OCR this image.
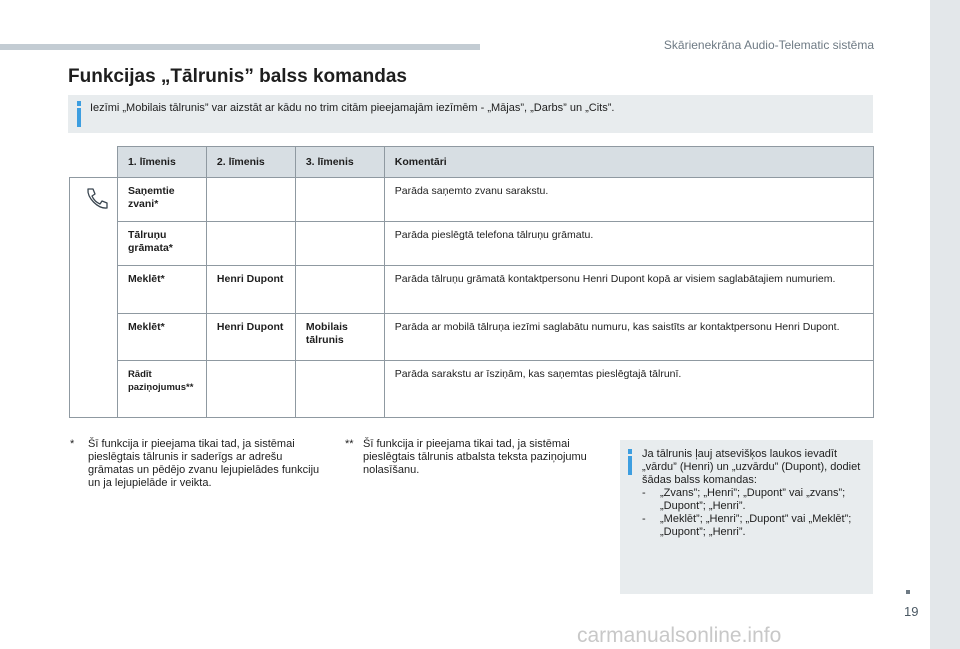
Skārienekrāna Audio-Telematic sistēma
Funkcijas „Tālrunis” balss komandas
Iezīmi „Mobilais tālrunis” var aizstāt ar kādu no trim citām pieejamajām iezīmēm - „Mājas”, „Darbs” un „Cits”.
	1. līmenis	2. līmenis	3. līmenis	Komentāri

	Saņemtie zvani*			Parāda saņemto zvanu sarakstu.
	Tālruņu grāmata*			Parāda pieslēgtā telefona tālruņu grāmatu.
	Meklēt*	Henri Dupont		Parāda tālruņu grāmatā kontaktpersonu Henri Dupont kopā ar visiem saglabātajiem numuriem.
	Meklēt*	Henri Dupont	Mobilais tālrunis	Parāda ar mobilā tālruņa iezīmi saglabātu numuru, kas saistīts ar kontaktpersonu Henri Dupont.
	Rādīt paziņojumus**			Parāda sarakstu ar īsziņām, kas saņemtas pieslēgtajā tālrunī.
* Šī funkcija ir pieejama tikai tad, ja sistēmai pieslēgtais tālrunis ir saderīgs ar adrešu grāmatas un pēdējo zvanu lejupielādes funkciju un ja lejupielāde ir veikta.
** Šī funkcija ir pieejama tikai tad, ja sistēmai pieslēgtais tālrunis atbalsta teksta paziņojumu nolasīšanu.
Ja tālrunis ļauj atsevišķos laukos ievadīt „vārdu” (Henri) un „uzvārdu” (Dupont), dodiet šādas balss komandas:
- „Zvans”; „Henri”; „Dupont” vai „zvans”; „Dupont”; „Henri”.
- „Meklēt”; „Henri”; „Dupont” vai „Meklēt”; „Dupont”; „Henri”.
19
carmanualsonline.info
